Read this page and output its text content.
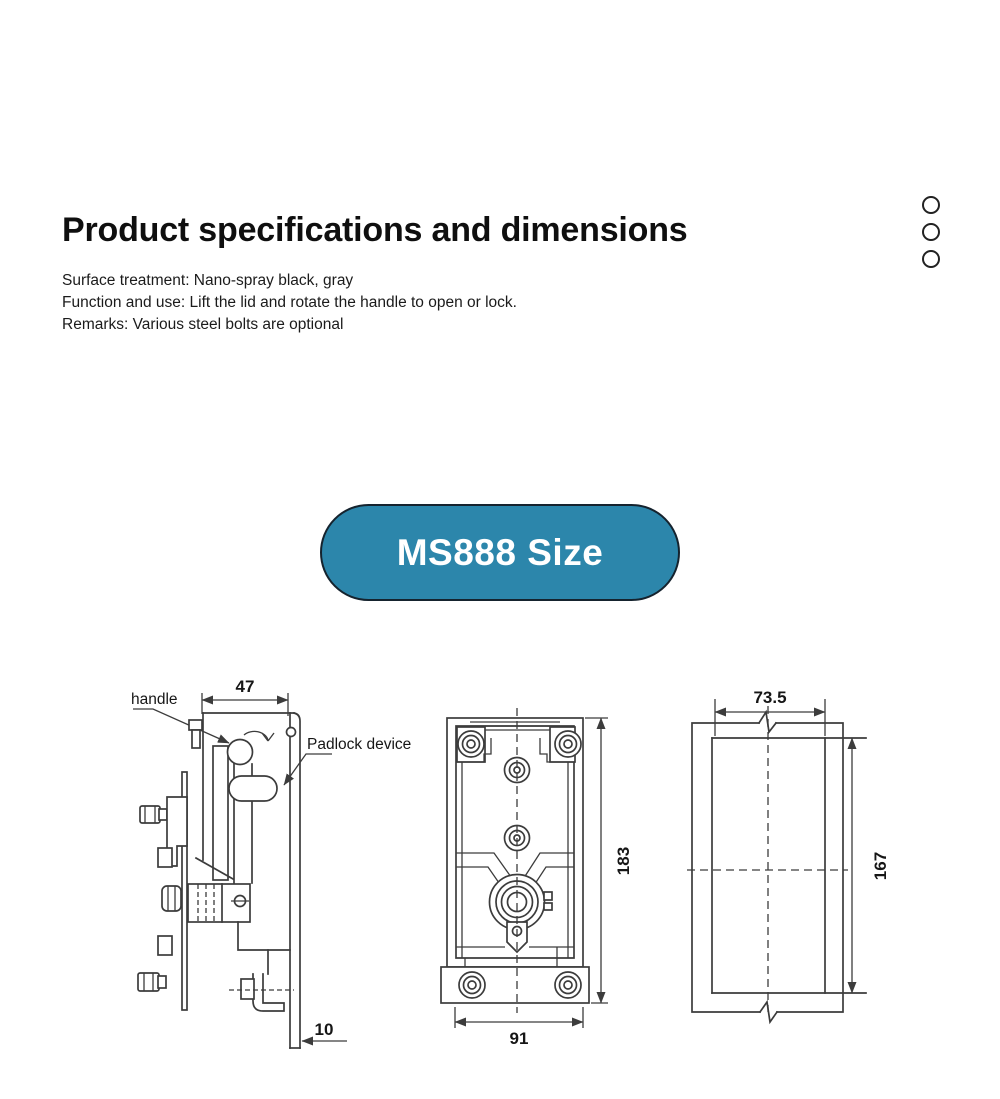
Product specifications and dimensions
Surface treatment: Nano-spray black, gray
Function and use: Lift the lid and rotate the handle to open or lock.
Remarks: Various steel bolts are optional
MS888 Size
47
handle
Padlock device
10
183
91
73.5
167
